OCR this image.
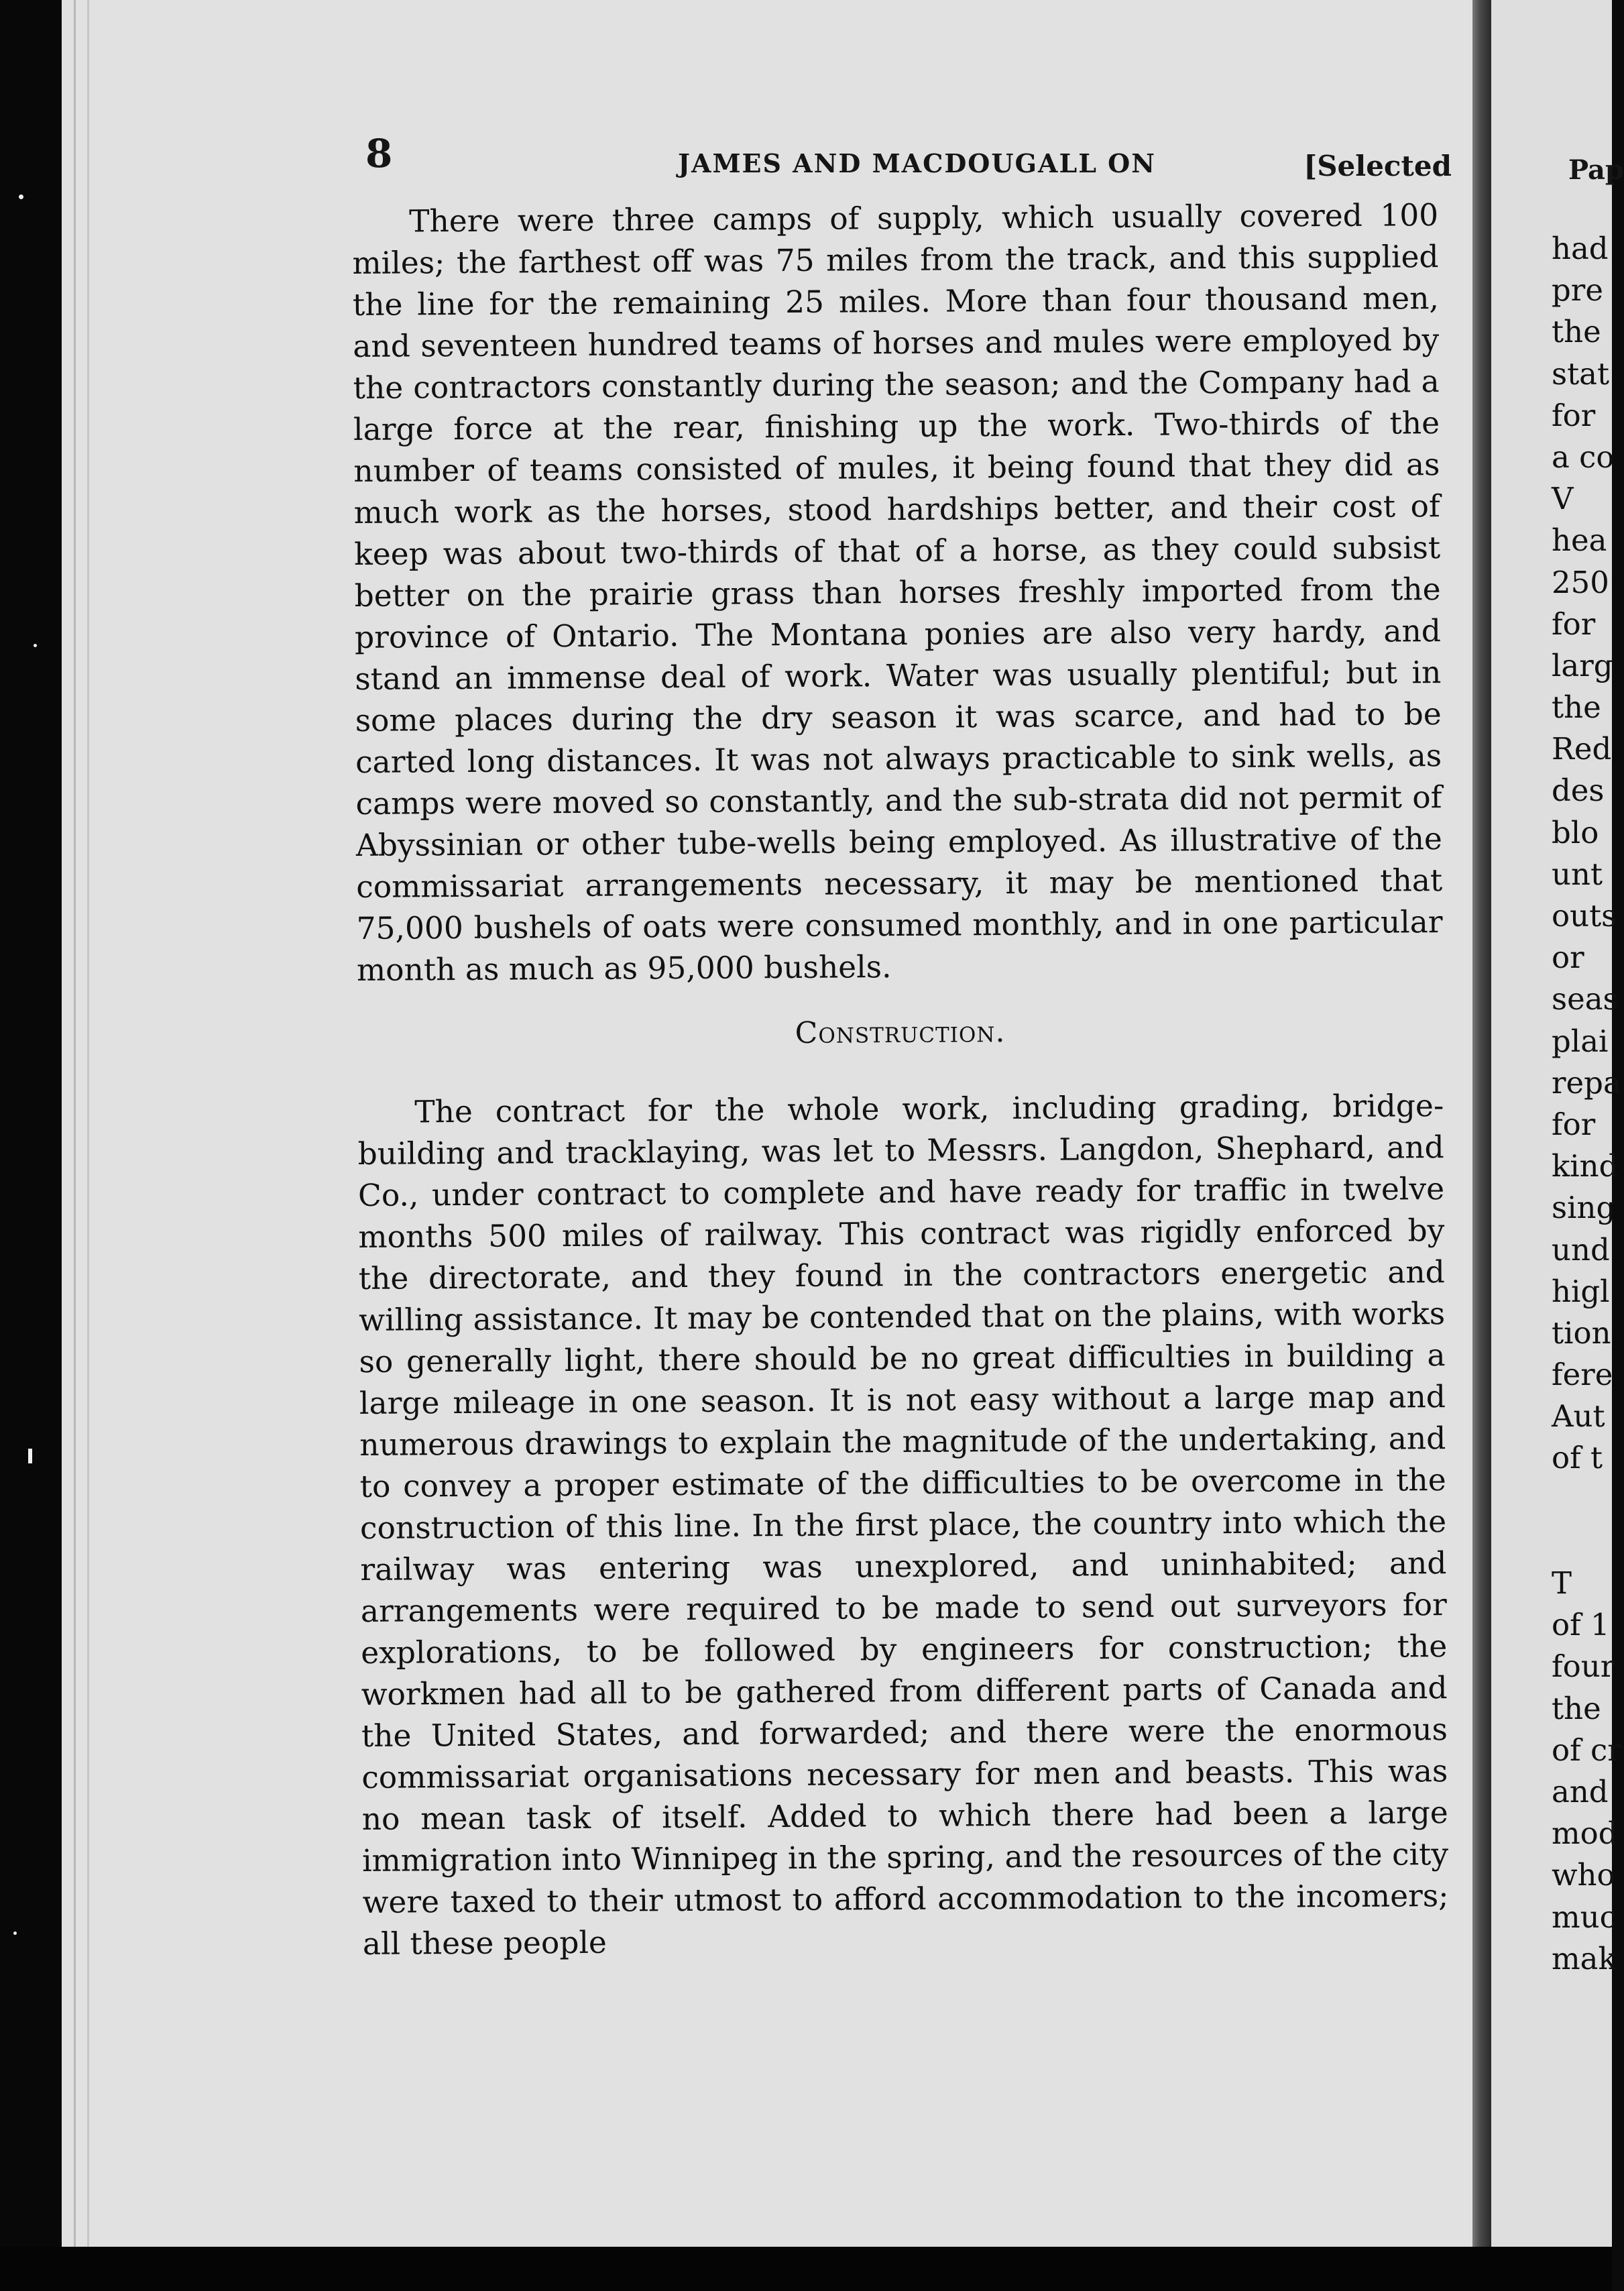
8	JAMES AND MACDOUGALL ON	[Selected

There were three camps of supply, which usually covered 100 miles; the farthest off was 75 miles from the track, and this supplied the line for the remaining 25 miles. More than four thousand men, and seventeen hundred teams of horses and mules were employed by the contractors constantly during the season; and the Company had a large force at the rear, finishing up the work. Two-thirds of the number of teams consisted of mules, it being found that they did as much work as the horses, stood hardships better, and their cost of keep was about two-thirds of that of a horse, as they could subsist better on the prairie grass than horses freshly imported from the province of Ontario. The Montana ponies are also very hardy, and stand an immense deal of work. Water was usually plentiful; but in some places during the dry season it was scarce, and had to be carted long distances. It was not always practicable to sink wells, as camps were moved so constantly, and the sub-strata did not permit of Abyssinian or other tube-wells being employed. As illustrative of the commissariat arrangements necessary, it may be mentioned that 75,000 bushels of oats were consumed monthly, and in one particular month as much as 95,000 bushels.

Construction.

The contract for the whole work, including grading, bridge-building and tracklaying, was let to Messrs. Langdon, Shephard, and Co., under contract to complete and have ready for traffic in twelve months 500 miles of railway. This contract was rigidly enforced by the directorate, and they found in the contractors energetic and willing assistance. It may be contended that on the plains, with works so generally light, there should be no great difficulties in building a large mileage in one season. It is not easy without a large map and numerous drawings to explain the magnitude of the undertaking, and to convey a proper estimate of the difficulties to be overcome in the construction of this line. In the first place, the country into which the railway was entering was unexplored, and uninhabited; and arrangements were required to be made to send out surveyors for explorations, to be followed by engineers for construction; the workmen had all to be gathered from different parts of Canada and the United States, and forwarded; and there were the enormous commissariat organisations necessary for men and beasts. This was no mean task of itself. Added to which there had been a large immigration into Winnipeg in the spring, and the resources of the city were taxed to their utmost to afford accommodation to the incomers; all these people

Pap
had
pre
the
stat
for
a co
V
hea
250
for
larg
the
Red
des
blo
unt
outs
or
seas
plai
repa
for
kind
sing
und
higl
tion
fere
Aut
of t
T
of 1
four
the
of cr
and
mod
who
muc
mak
